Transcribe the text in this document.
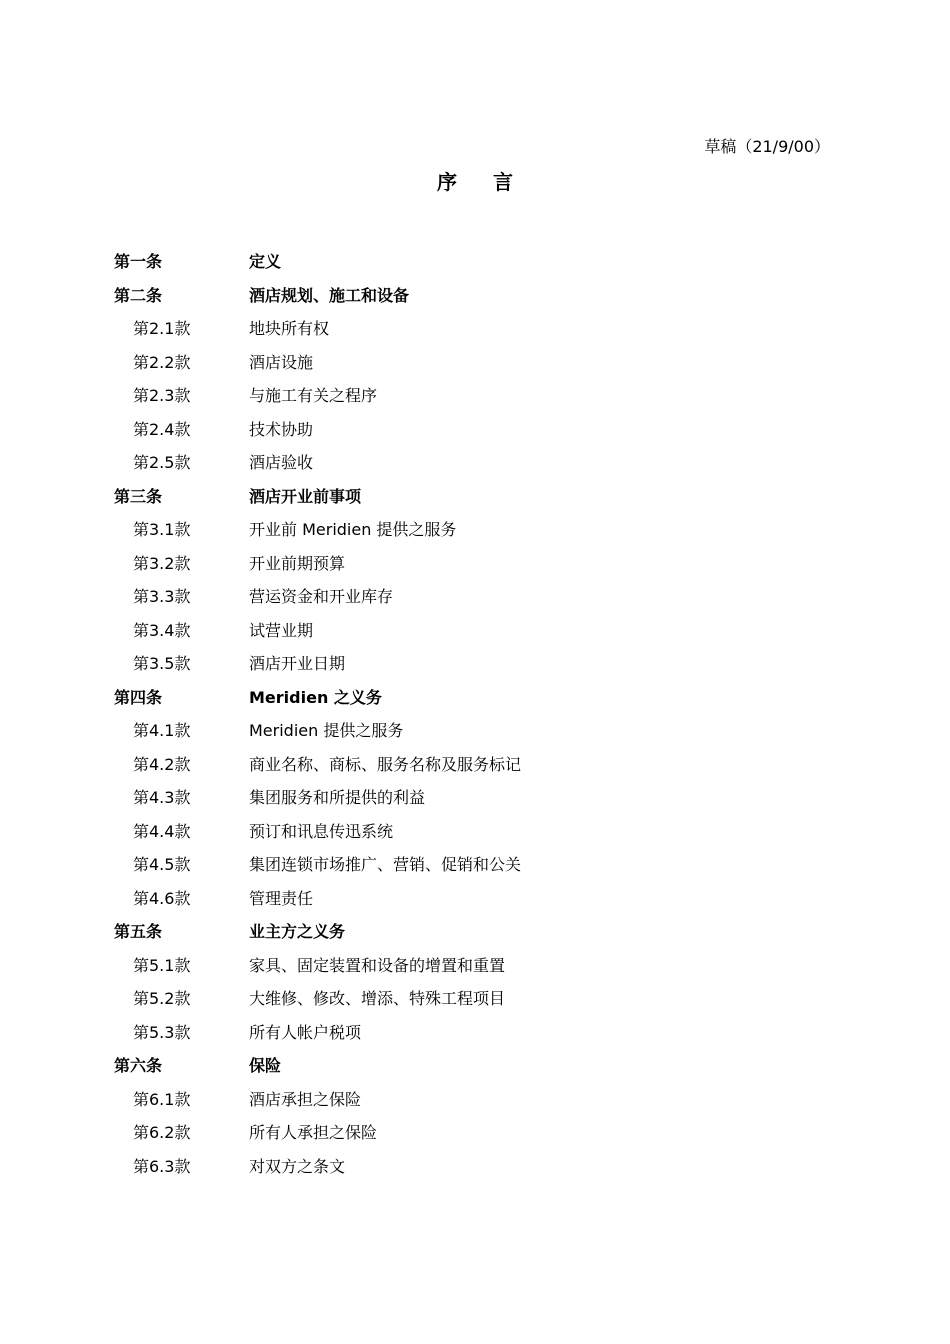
草稿（21/9/00）
序言
第一条	定义
第二条	酒店规划、施工和设备
第2.1款	地块所有权
第2.2款	酒店设施
第2.3款	与施工有关之程序
第2.4款	技术协助
第2.5款	酒店验收
第三条	酒店开业前事项
第3.1款	开业前 Meridien 提供之服务
第3.2款	开业前期预算
第3.3款	营运资金和开业库存
第3.4款	试营业期
第3.5款	酒店开业日期
第四条	Meridien 之义务
第4.1款	Meridien 提供之服务
第4.2款	商业名称、商标、服务名称及服务标记
第4.3款	集团服务和所提供的利益
第4.4款	预订和讯息传迅系统
第4.5款	集团连锁市场推广、营销、促销和公关
第4.6款	管理责任
第五条	业主方之义务
第5.1款	家具、固定装置和设备的增置和重置
第5.2款	大维修、修改、增添、特殊工程项目
第5.3款	所有人帐户税项
第六条	保险
第6.1款	酒店承担之保险
第6.2款	所有人承担之保险
第6.3款	对双方之条文
